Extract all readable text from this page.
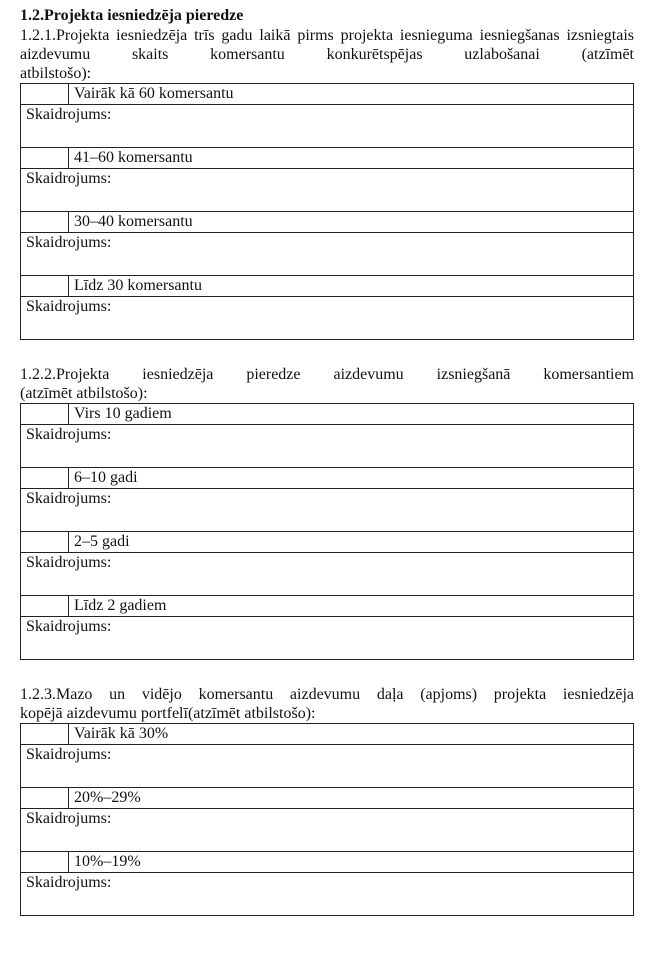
1.2.Projekta iesniedzēja pieredze
1.2.1.Projekta iesniedzēja trīs gadu laikā pirms projekta iesnieguma iesniegšanas izsniegtais aizdevumu skaits komersantu konkurētspējas uzlabošanai (atzīmēt
atbilstošo):
	Vairāk kā 60 komersantu
Skaidrojums:	
	41–60 komersantu
Skaidrojums:	
	30–40 komersantu
Skaidrojums:	
	Līdz 30 komersantu
Skaidrojums:	
1.2.2.Projekta iesniedzēja pieredze aizdevumu izsniegšanā komersantiem
(atzīmēt atbilstošo):
	Virs 10 gadiem
Skaidrojums:	
	6–10 gadi
Skaidrojums:	
	2–5 gadi
Skaidrojums:	
	Līdz 2 gadiem
Skaidrojums:	
1.2.3.Mazo un vidējo komersantu aizdevumu daļa (apjoms) projekta iesniedzēja
kopējā aizdevumu portfelī(atzīmēt atbilstošo):
	Vairāk kā 30%
Skaidrojums:	
	20%–29%
Skaidrojums:	
	10%–19%
Skaidrojums:	
